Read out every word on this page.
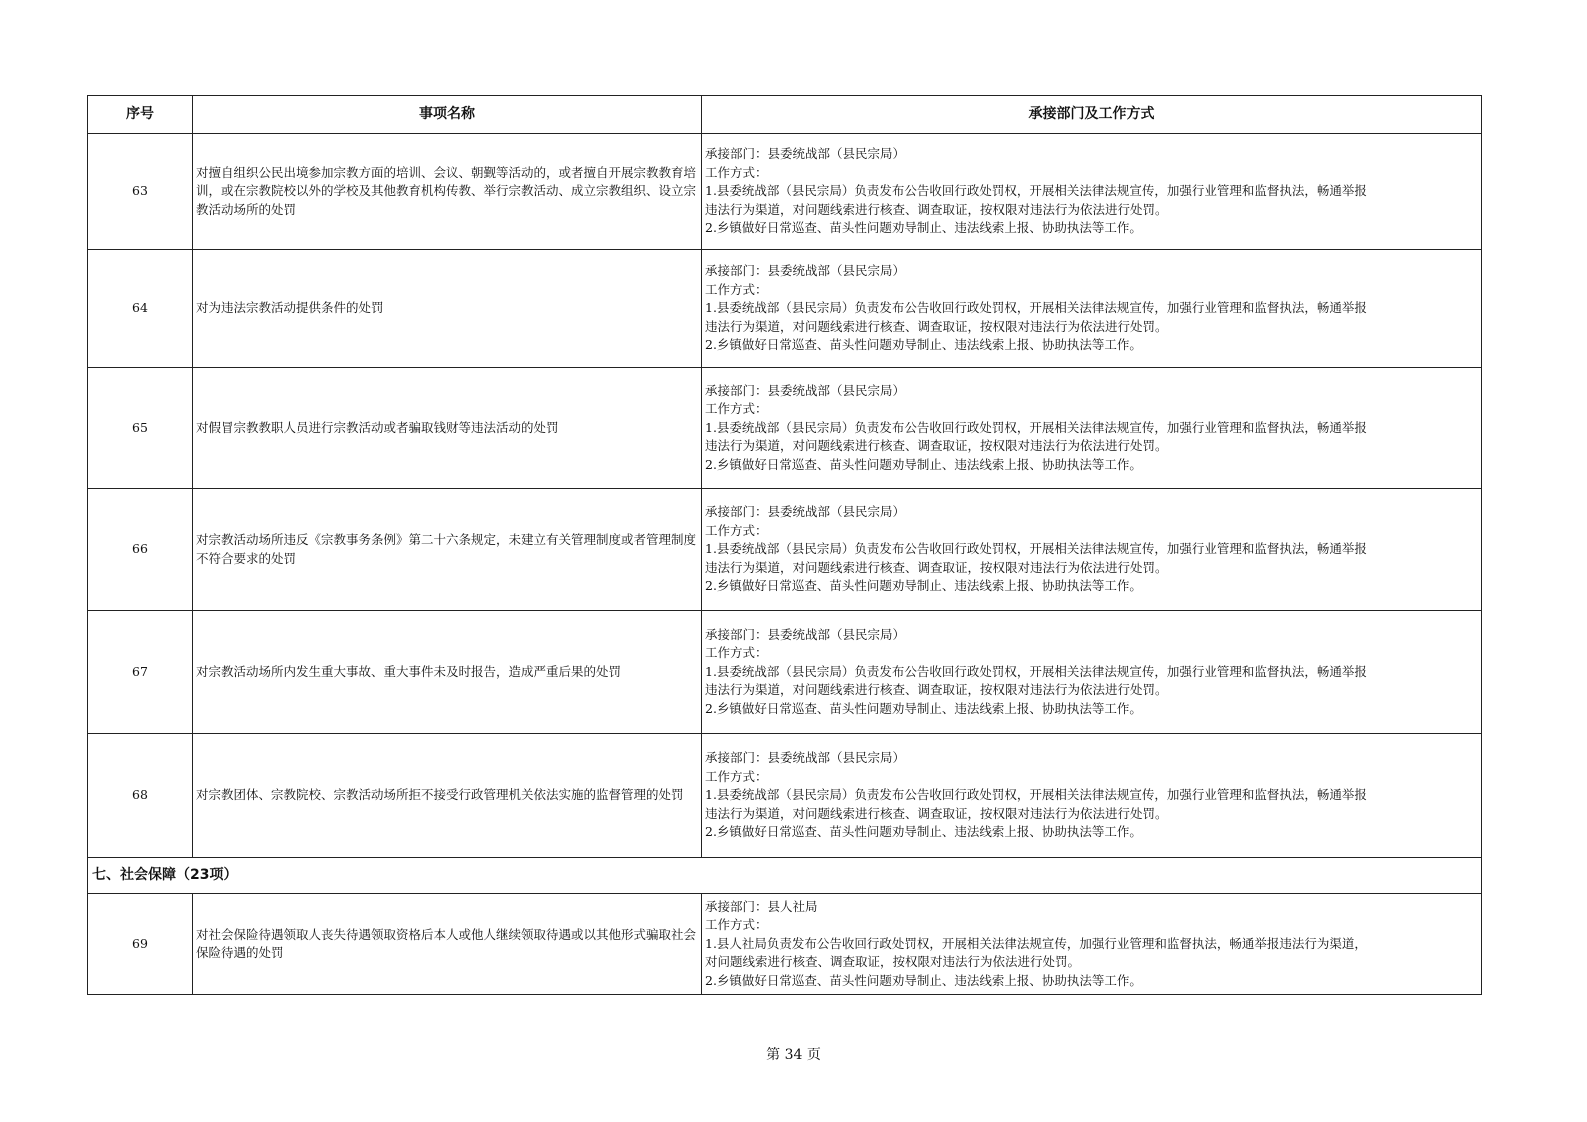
序号	事项名称	承接部门及工作方式
63	对擅自组织公民出境参加宗教方面的培训、会议、朝觐等活动的，或者擅自开展宗教教育培训，或在宗教院校以外的学校及其他教育机构传教、举行宗教活动、成立宗教组织、设立宗教活动场所的处罚	承接部门：县委统战部（县民宗局）
工作方式：
1.县委统战部（县民宗局）负责发布公告收回行政处罚权，开展相关法律法规宣传，加强行业管理和监督执法，畅通举报
违法行为渠道，对问题线索进行核查、调查取证，按权限对违法行为依法进行处罚。
2.乡镇做好日常巡查、苗头性问题劝导制止、违法线索上报、协助执法等工作。

64	对为违法宗教活动提供条件的处罚	承接部门：县委统战部（县民宗局）
工作方式：
1.县委统战部（县民宗局）负责发布公告收回行政处罚权，开展相关法律法规宣传，加强行业管理和监督执法，畅通举报
违法行为渠道，对问题线索进行核查、调查取证，按权限对违法行为依法进行处罚。
2.乡镇做好日常巡查、苗头性问题劝导制止、违法线索上报、协助执法等工作。

65	对假冒宗教教职人员进行宗教活动或者骗取钱财等违法活动的处罚	承接部门：县委统战部（县民宗局）
工作方式：
1.县委统战部（县民宗局）负责发布公告收回行政处罚权，开展相关法律法规宣传，加强行业管理和监督执法，畅通举报
违法行为渠道，对问题线索进行核查、调查取证，按权限对违法行为依法进行处罚。
2.乡镇做好日常巡查、苗头性问题劝导制止、违法线索上报、协助执法等工作。

66	对宗教活动场所违反《宗教事务条例》第二十六条规定，未建立有关管理制度或者管理制度不符合要求的处罚	承接部门：县委统战部（县民宗局）
工作方式：
1.县委统战部（县民宗局）负责发布公告收回行政处罚权，开展相关法律法规宣传，加强行业管理和监督执法，畅通举报
违法行为渠道，对问题线索进行核查、调查取证，按权限对违法行为依法进行处罚。
2.乡镇做好日常巡查、苗头性问题劝导制止、违法线索上报、协助执法等工作。

67	对宗教活动场所内发生重大事故、重大事件未及时报告，造成严重后果的处罚	承接部门：县委统战部（县民宗局）
工作方式：
1.县委统战部（县民宗局）负责发布公告收回行政处罚权，开展相关法律法规宣传，加强行业管理和监督执法，畅通举报
违法行为渠道，对问题线索进行核查、调查取证，按权限对违法行为依法进行处罚。
2.乡镇做好日常巡查、苗头性问题劝导制止、违法线索上报、协助执法等工作。

68	对宗教团体、宗教院校、宗教活动场所拒不接受行政管理机关依法实施的监督管理的处罚	承接部门：县委统战部（县民宗局）
工作方式：
1.县委统战部（县民宗局）负责发布公告收回行政处罚权，开展相关法律法规宣传，加强行业管理和监督执法，畅通举报
违法行为渠道，对问题线索进行核查、调查取证，按权限对违法行为依法进行处罚。
2.乡镇做好日常巡查、苗头性问题劝导制止、违法线索上报、协助执法等工作。

七、社会保障（23项）		
69	对社会保险待遇领取人丧失待遇领取资格后本人或他人继续领取待遇或以其他形式骗取社会保险待遇的处罚	承接部门：县人社局
工作方式：
1.县人社局负责发布公告收回行政处罚权，开展相关法律法规宣传，加强行业管理和监督执法，畅通举报违法行为渠道，
对问题线索进行核查、调查取证，按权限对违法行为依法进行处罚。
2.乡镇做好日常巡查、苗头性问题劝导制止、违法线索上报、协助执法等工作。
第 34 页
